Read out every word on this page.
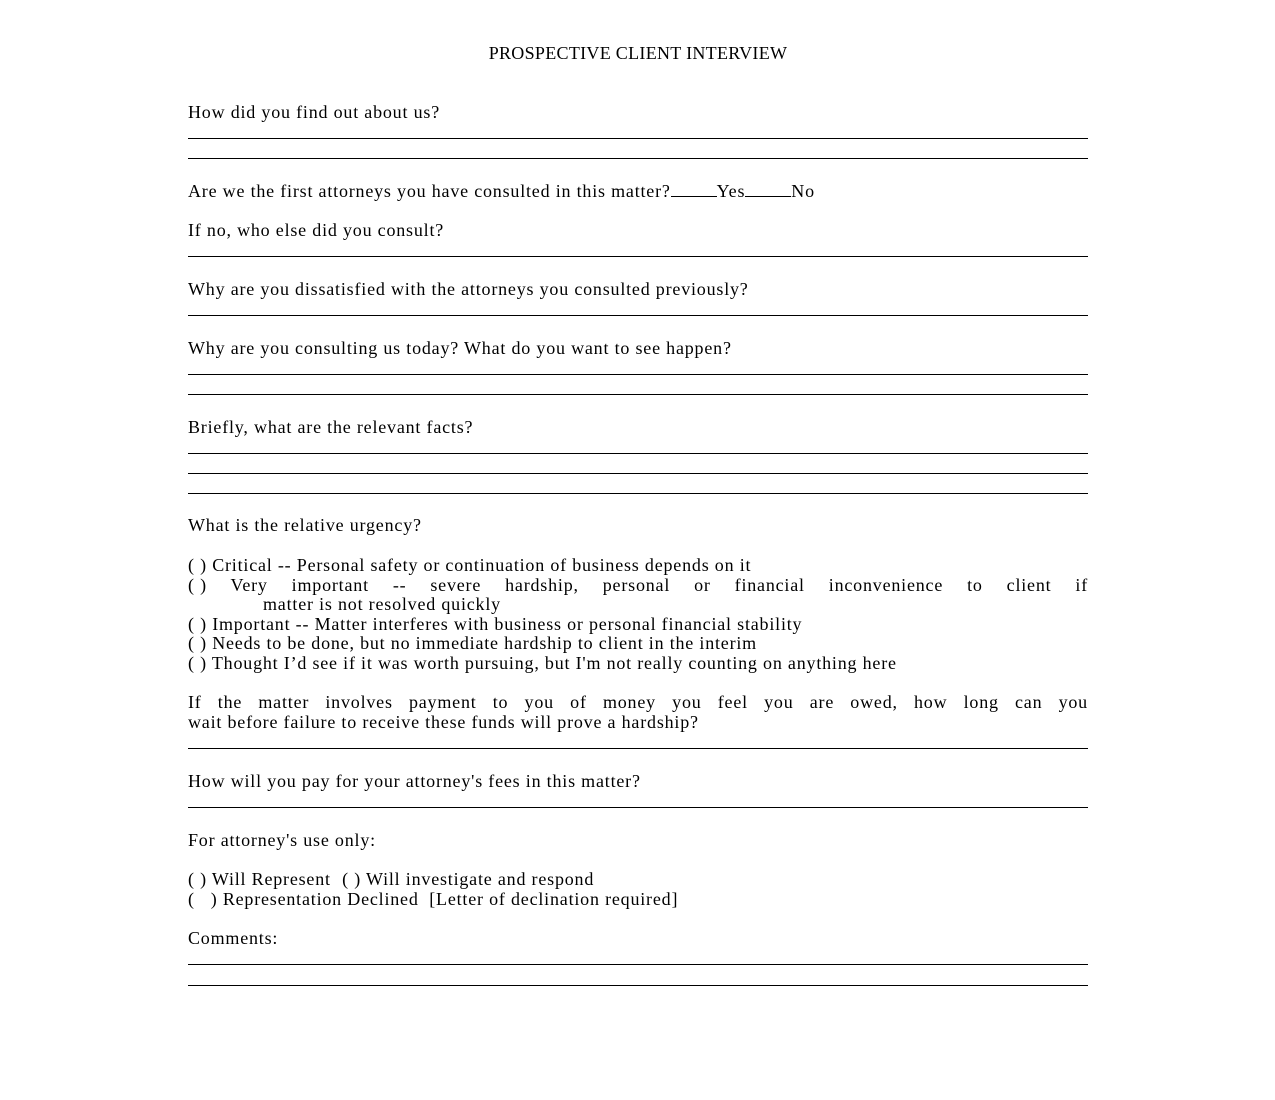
PROSPECTIVE CLIENT INTERVIEW
How did you find out about us?
Are we the first attorneys you have consulted in this matter?	Yes	No
If no, who else did you consult?
Why are you dissatisfied with the attorneys you consulted previously?
Why are you consulting us today? What do you want to see happen?
Briefly, what are the relevant facts?
What is the relative urgency?
( ) Critical -- Personal safety or continuation of business depends on it
( ) Very important -- severe hardship, personal or financial inconvenience to client if
matter is not resolved quickly
( ) Important -- Matter interferes with business or personal financial stability
( ) Needs to be done, but no immediate hardship to client in the interim
( ) Thought I’d see if it was worth pursuing, but I'm not really counting on anything here
If the matter involves payment to you of money you feel you are owed, how long can you
wait before failure to receive these funds will prove a hardship?
How will you pay for your attorney's fees in this matter?
For attorney's use only:
( ) Will Represent ( ) Will investigate and respond
(   ) Representation Declined  [Letter of declination required]
Comments:
